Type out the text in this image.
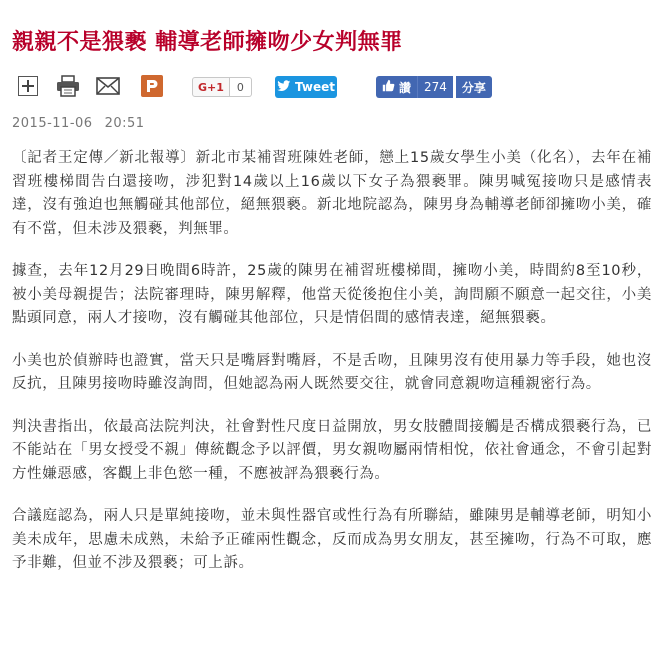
親親不是猥褻 輔導老師擁吻少女判無罪
G+1	0	Tweet	讚	274	分享
2015-11-06 20:51

〔記者王定傳／新北報導〕新北市某補習班陳姓老師，戀上15歲女學生小美（化名），去年在補習班樓梯間告白還接吻，涉犯對14歲以上16歲以下女子為猥褻罪。陳男喊冤接吻只是感情表達，沒有強迫也無觸碰其他部位，絕無猥褻。新北地院認為，陳男身為輔導老師卻擁吻小美，確有不當，但未涉及猥褻，判無罪。

據查，去年12月29日晚間6時許，25歲的陳男在補習班樓梯間，擁吻小美，時間約8至10秒，被小美母親提告；法院審理時，陳男解釋，他當天從後抱住小美，詢問願不願意一起交往，小美點頭同意，兩人才接吻，沒有觸碰其他部位，只是情侶間的感情表達，絕無猥褻。

小美也於偵辦時也證實，當天只是嘴唇對嘴唇，不是舌吻，且陳男沒有使用暴力等手段，她也沒反抗，且陳男接吻時雖沒詢問，但她認為兩人既然要交往，就會同意親吻這種親密行為。

判決書指出，依最高法院判決，社會對性尺度日益開放，男女肢體間接觸是否構成猥褻行為，已不能站在「男女授受不親」傳統觀念予以評價，男女親吻屬兩情相悅，依社會通念，不會引起對方性嫌惡感，客觀上非色慾一種，不應被評為猥褻行為。

合議庭認為，兩人只是單純接吻，並未與性器官或性行為有所聯結，雖陳男是輔導老師，明知小美未成年，思慮未成熟，未給予正確兩性觀念，反而成為男女朋友，甚至擁吻，行為不可取，應予非難，但並不涉及猥褻；可上訴。
